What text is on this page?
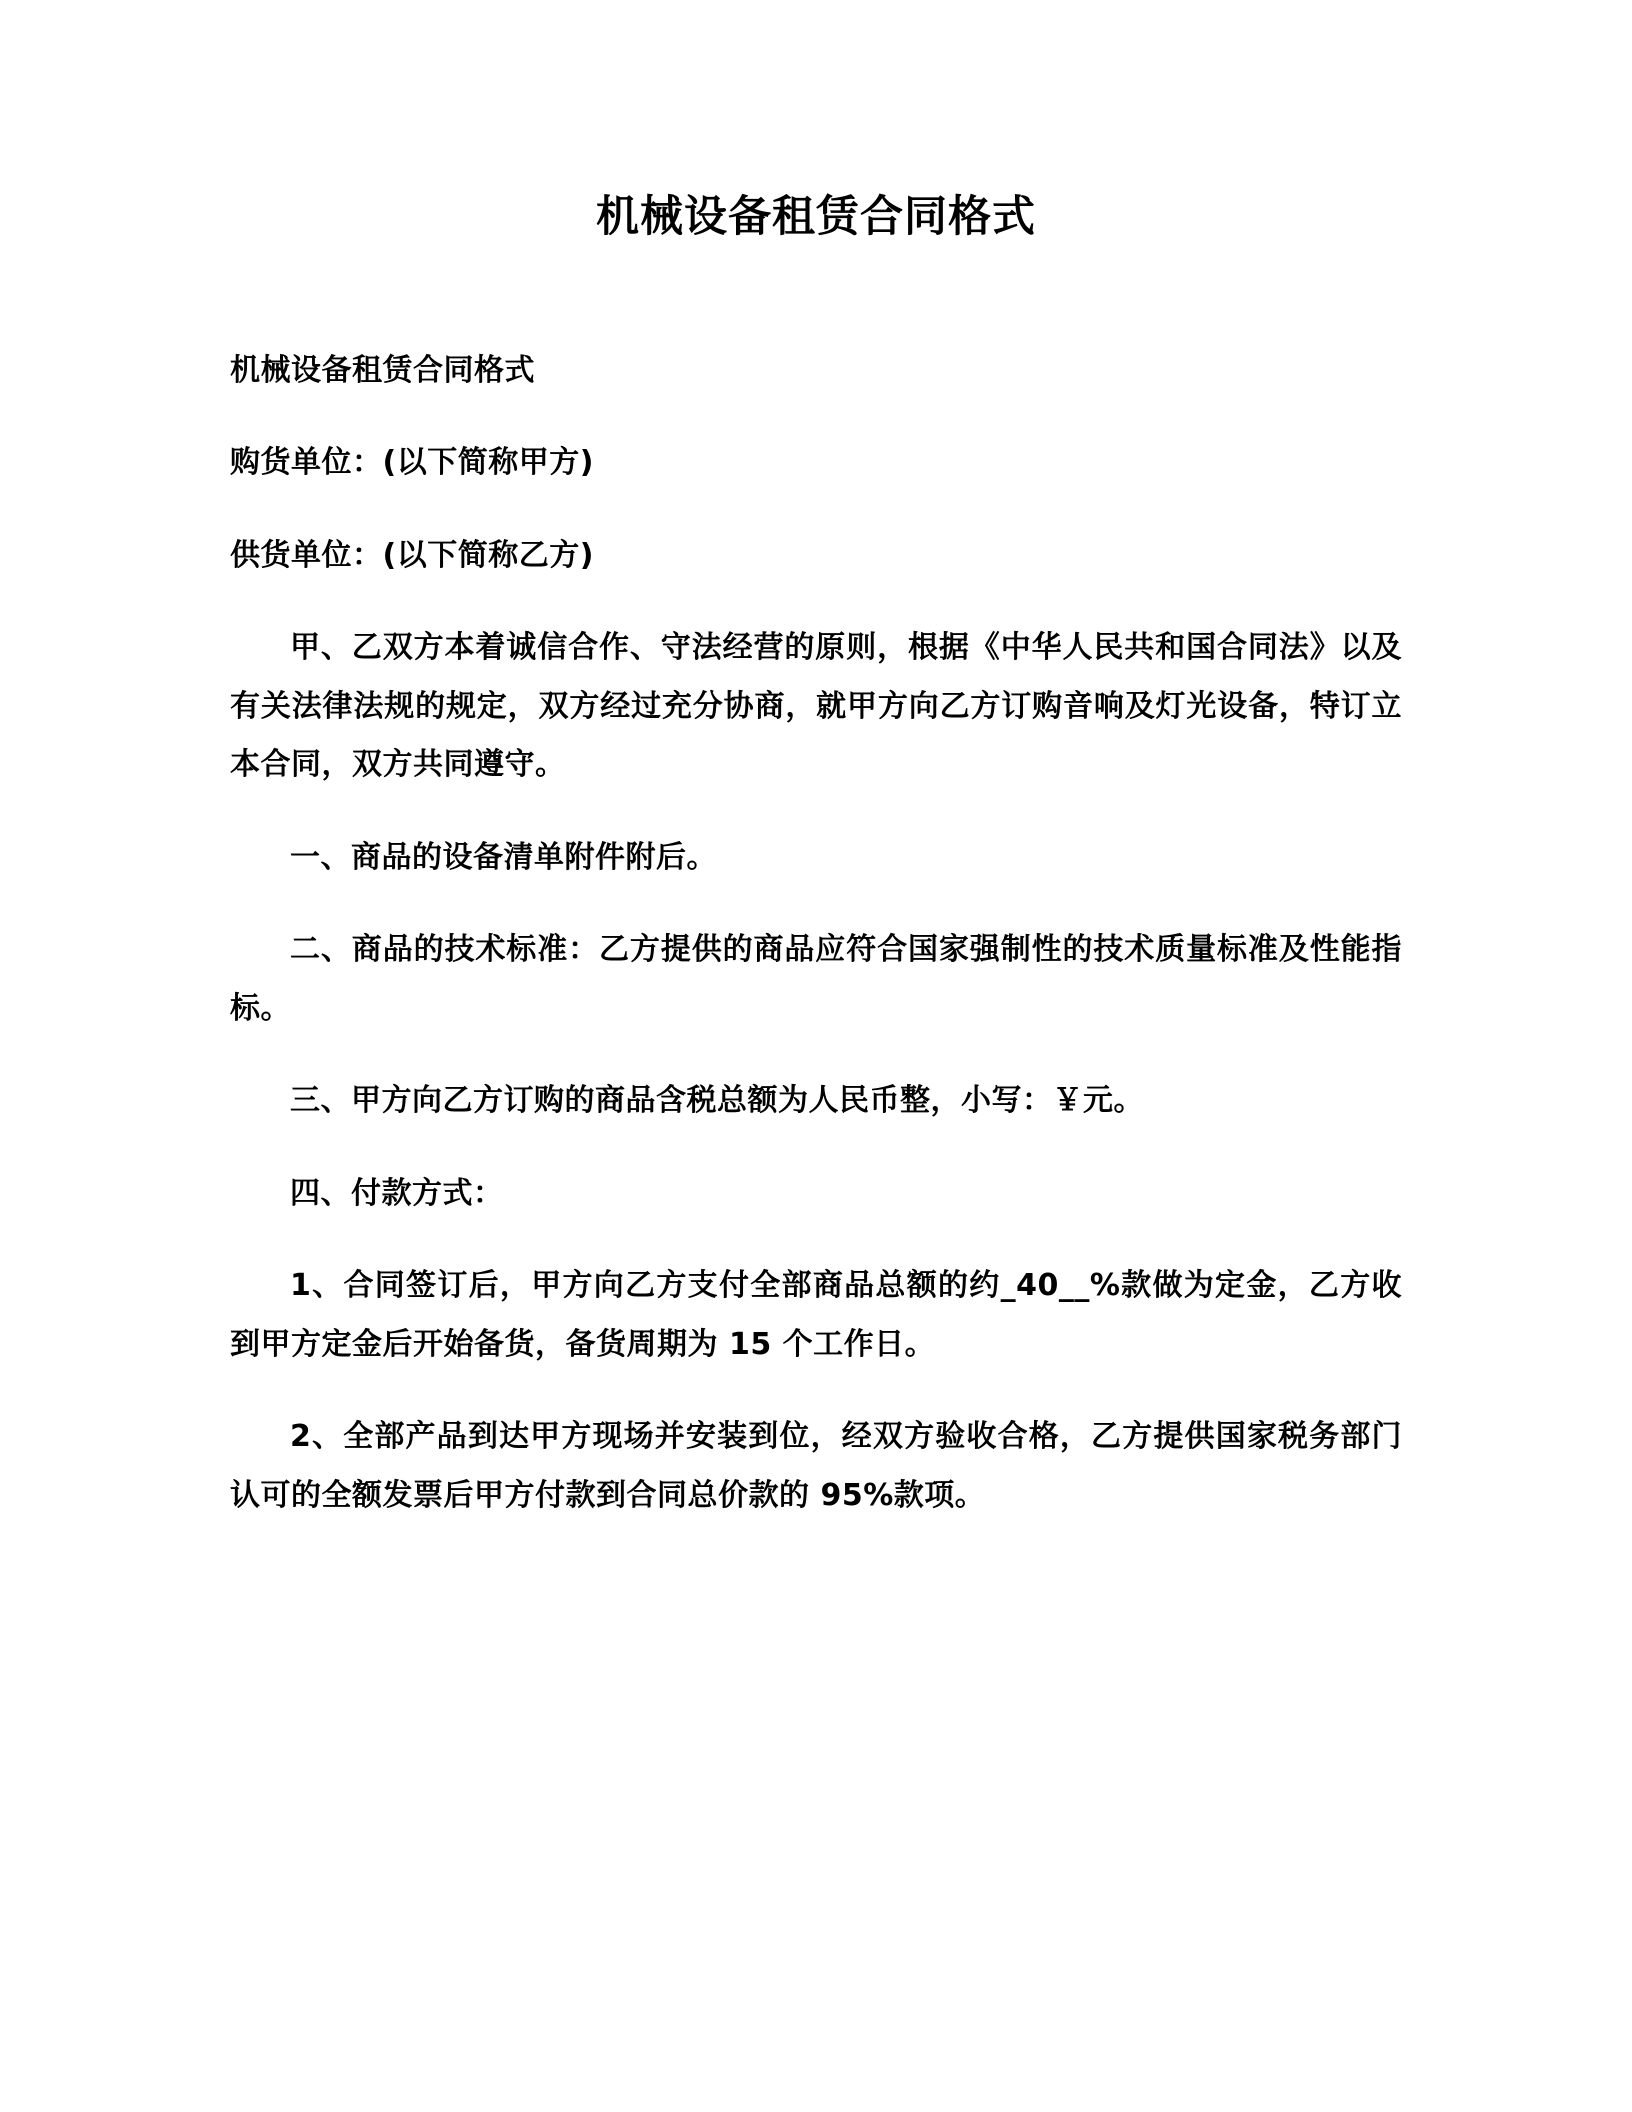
机械设备租赁合同格式

机械设备租赁合同格式

购货单位：(以下简称甲方)

供货单位：(以下简称乙方)

甲、乙双方本着诚信合作、守法经营的原则，根据《中华人民共和国合同法》以及有关法律法规的规定，双方经过充分协商，就甲方向乙方订购音响及灯光设备，特订立本合同，双方共同遵守。

一、商品的设备清单附件附后。

二、商品的技术标准：乙方提供的商品应符合国家强制性的技术质量标准及性能指标。

三、甲方向乙方订购的商品含税总额为人民币整，小写：￥元。

四、付款方式：

1、合同签订后，甲方向乙方支付全部商品总额的约_40__%款做为定金，乙方收到甲方定金后开始备货，备货周期为 15 个工作日。

2、全部产品到达甲方现场并安装到位，经双方验收合格，乙方提供国家税务部门认可的全额发票后甲方付款到合同总价款的 95%款项。
